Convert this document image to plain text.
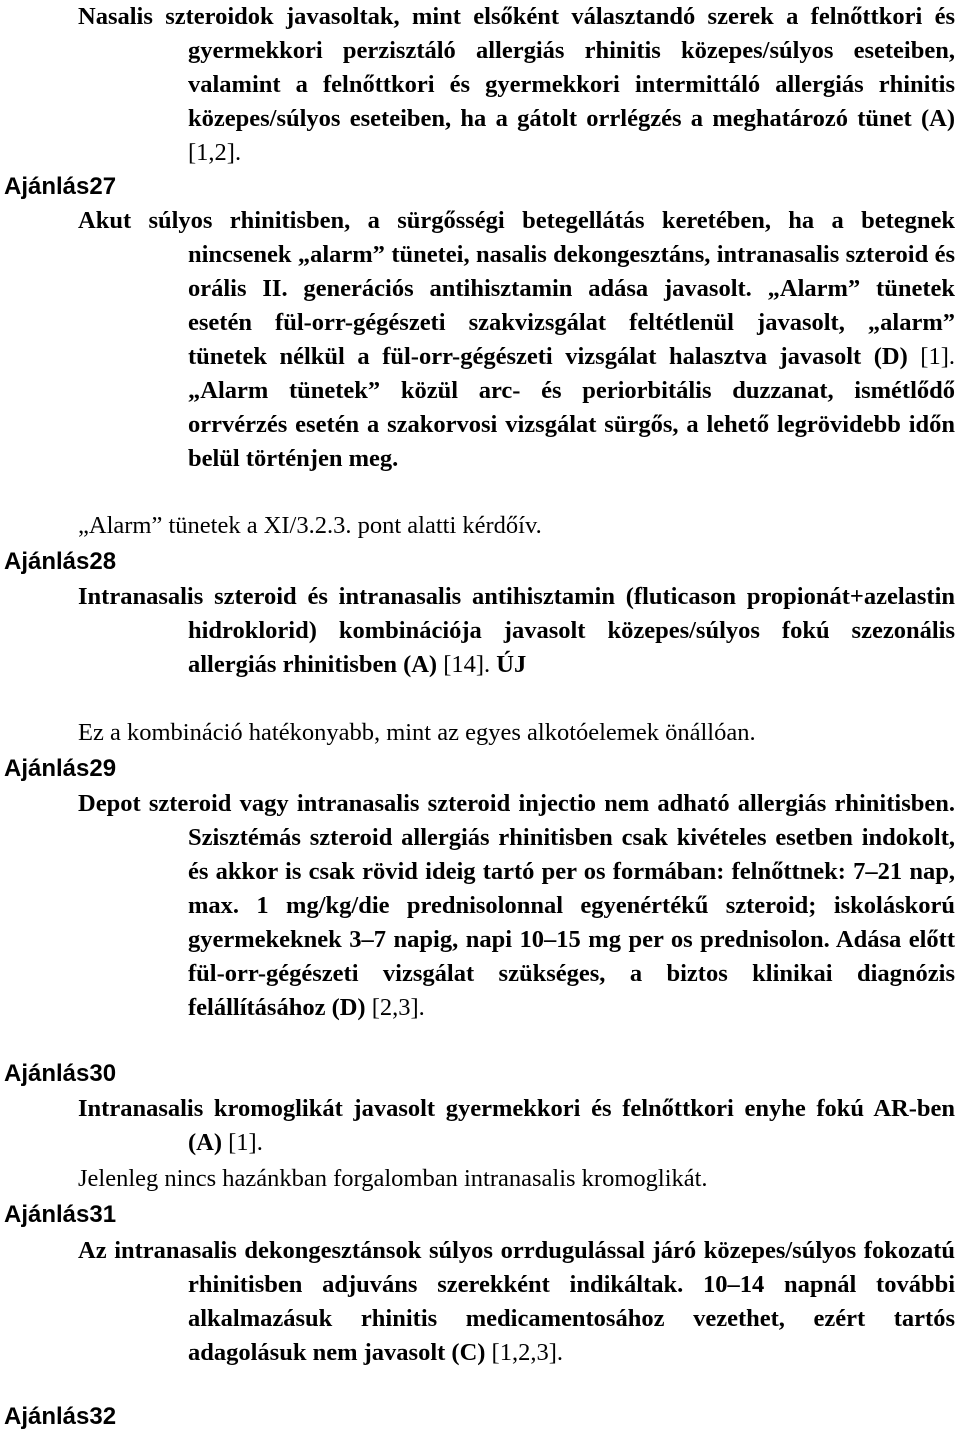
Nasalis szteroidok javasoltak, mint elsőként választandó szerek a felnőttkori és gyermekkori perzisztáló allergiás rhinitis közepes/súlyos eseteiben, valamint a felnőttkori és gyermekkori intermittáló allergiás rhinitis közepes/súlyos eseteiben, ha a gátolt orrlégzés a meghatározó tünet (A) [1,2].

Ajánlás27

Akut súlyos rhinitisben, a sürgősségi betegellátás keretében, ha a betegnek nincsenek „alarm” tünetei, nasalis dekongesztáns, intranasalis szteroid és orális II. generációs antihisztamin adása javasolt. „Alarm” tünetek esetén fül-orr-gégészeti szakvizsgálat feltétlenül javasolt, „alarm” tünetek nélkül a fül-orr-gégészeti vizsgálat halasztva javasolt (D) [1]. „Alarm tünetek” közül arc- és periorbitális duzzanat, ismétlődő orrvérzés esetén a szakorvosi vizsgálat sürgős, a lehető legrövidebb időn belül történjen meg.

„Alarm” tünetek a XI/3.2.3. pont alatti kérdőív.

Ajánlás28

Intranasalis szteroid és intranasalis antihisztamin (fluticason propionát+azelastin hidroklorid) kombinációja javasolt közepes/súlyos fokú szezonális allergiás rhinitisben (A) [14]. ÚJ

Ez a kombináció hatékonyabb, mint az egyes alkotóelemek önállóan.

Ajánlás29

Depot szteroid vagy intranasalis szteroid injectio nem adható allergiás rhinitisben. Szisztémás szteroid allergiás rhinitisben csak kivételes esetben indokolt, és akkor is csak rövid ideig tartó per os formában: felnőttnek: 7–21 nap, max. 1 mg/kg/die prednisolonnal egyenértékű szteroid; iskoláskorú gyermekeknek 3–7 napig, napi 10–15 mg per os prednisolon. Adása előtt fül-orr-gégészeti vizsgálat szükséges, a biztos klinikai diagnózis felállításához (D) [2,3].

Ajánlás30

Intranasalis kromoglikát javasolt gyermekkori és felnőttkori enyhe fokú AR-ben (A) [1].

Jelenleg nincs hazánkban forgalomban intranasalis kromoglikát.

Ajánlás31

Az intranasalis dekongesztánsok súlyos orrdugulással járó közepes/súlyos fokozatú rhinitisben adjuváns szerekként indikáltak. 10–14 napnál további alkalmazásuk rhinitis medicamentosához vezethet, ezért tartós adagolásuk nem javasolt (C) [1,2,3].

Ajánlás32
